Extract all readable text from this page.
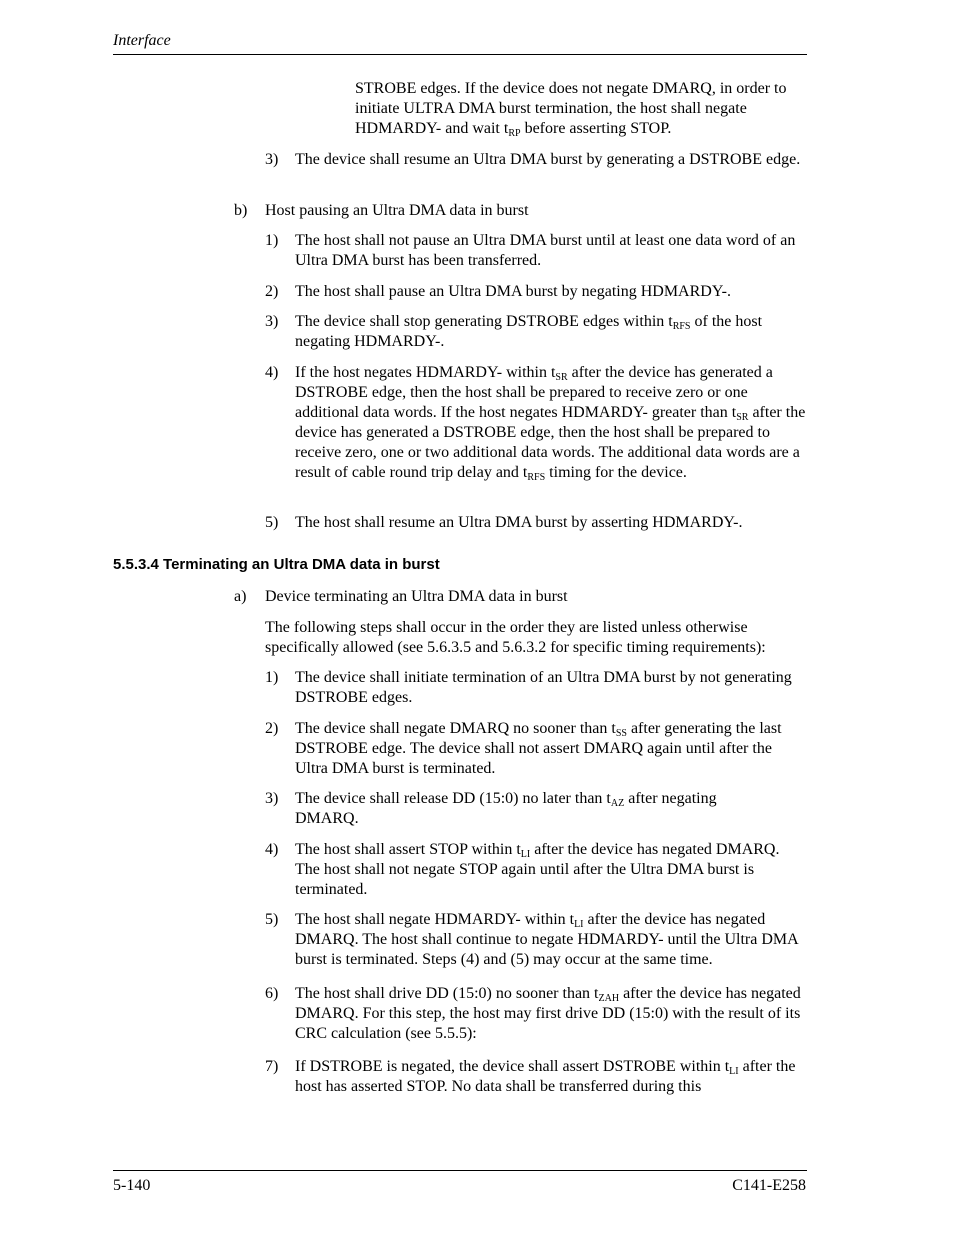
Interface
STROBE edges. If the device does not negate DMARQ, in order to initiate ULTRA DMA burst termination, the host shall negate HDMARDY- and wait $t_{RP}$ before asserting STOP.
3) The device shall resume an Ultra DMA burst by generating a DSTROBE edge.
b) Host pausing an Ultra DMA data in burst
1) The host shall not pause an Ultra DMA burst until at least one data word of an Ultra DMA burst has been transferred.
2) The host shall pause an Ultra DMA burst by negating HDMARDY-.
3) The device shall stop generating DSTROBE edges within $t_{RFS}$ of the host negating HDMARDY-.
4) If the host negates HDMARDY- within $t_{SR}$ after the device has generated a DSTROBE edge, then the host shall be prepared to receive zero or one additional data words. If the host negates HDMARDY- greater than $t_{SR}$ after the device has generated a DSTROBE edge, then the host shall be prepared to receive zero, one or two additional data words. The additional data words are a result of cable round trip delay and $t_{RFS}$ timing for the device.
5) The host shall resume an Ultra DMA burst by asserting HDMARDY-.
5.5.3.4 Terminating an Ultra DMA data in burst
a) Device terminating an Ultra DMA data in burst
The following steps shall occur in the order they are listed unless otherwise specifically allowed (see 5.6.3.5 and 5.6.3.2 for specific timing requirements):
1) The device shall initiate termination of an Ultra DMA burst by not generating DSTROBE edges.
2) The device shall negate DMARQ no sooner than $t_{SS}$ after generating the last DSTROBE edge. The device shall not assert DMARQ again until after the Ultra DMA burst is terminated.
3) The device shall release DD (15:0) no later than $t_{AZ}$ after negating DMARQ.
4) The host shall assert STOP within $t_{LI}$ after the device has negated DMARQ. The host shall not negate STOP again until after the Ultra DMA burst is terminated.
5) The host shall negate HDMARDY- within $t_{LI}$ after the device has negated DMARQ. The host shall continue to negate HDMARDY- until the Ultra DMA burst is terminated. Steps (4) and (5) may occur at the same time.
6) The host shall drive DD (15:0) no sooner than $t_{ZAH}$ after the device has negated DMARQ. For this step, the host may first drive DD (15:0) with the result of its CRC calculation (see 5.5.5):
7) If DSTROBE is negated, the device shall assert DSTROBE within $t_{LI}$ after the host has asserted STOP. No data shall be transferred during this
5-140	C141-E258
